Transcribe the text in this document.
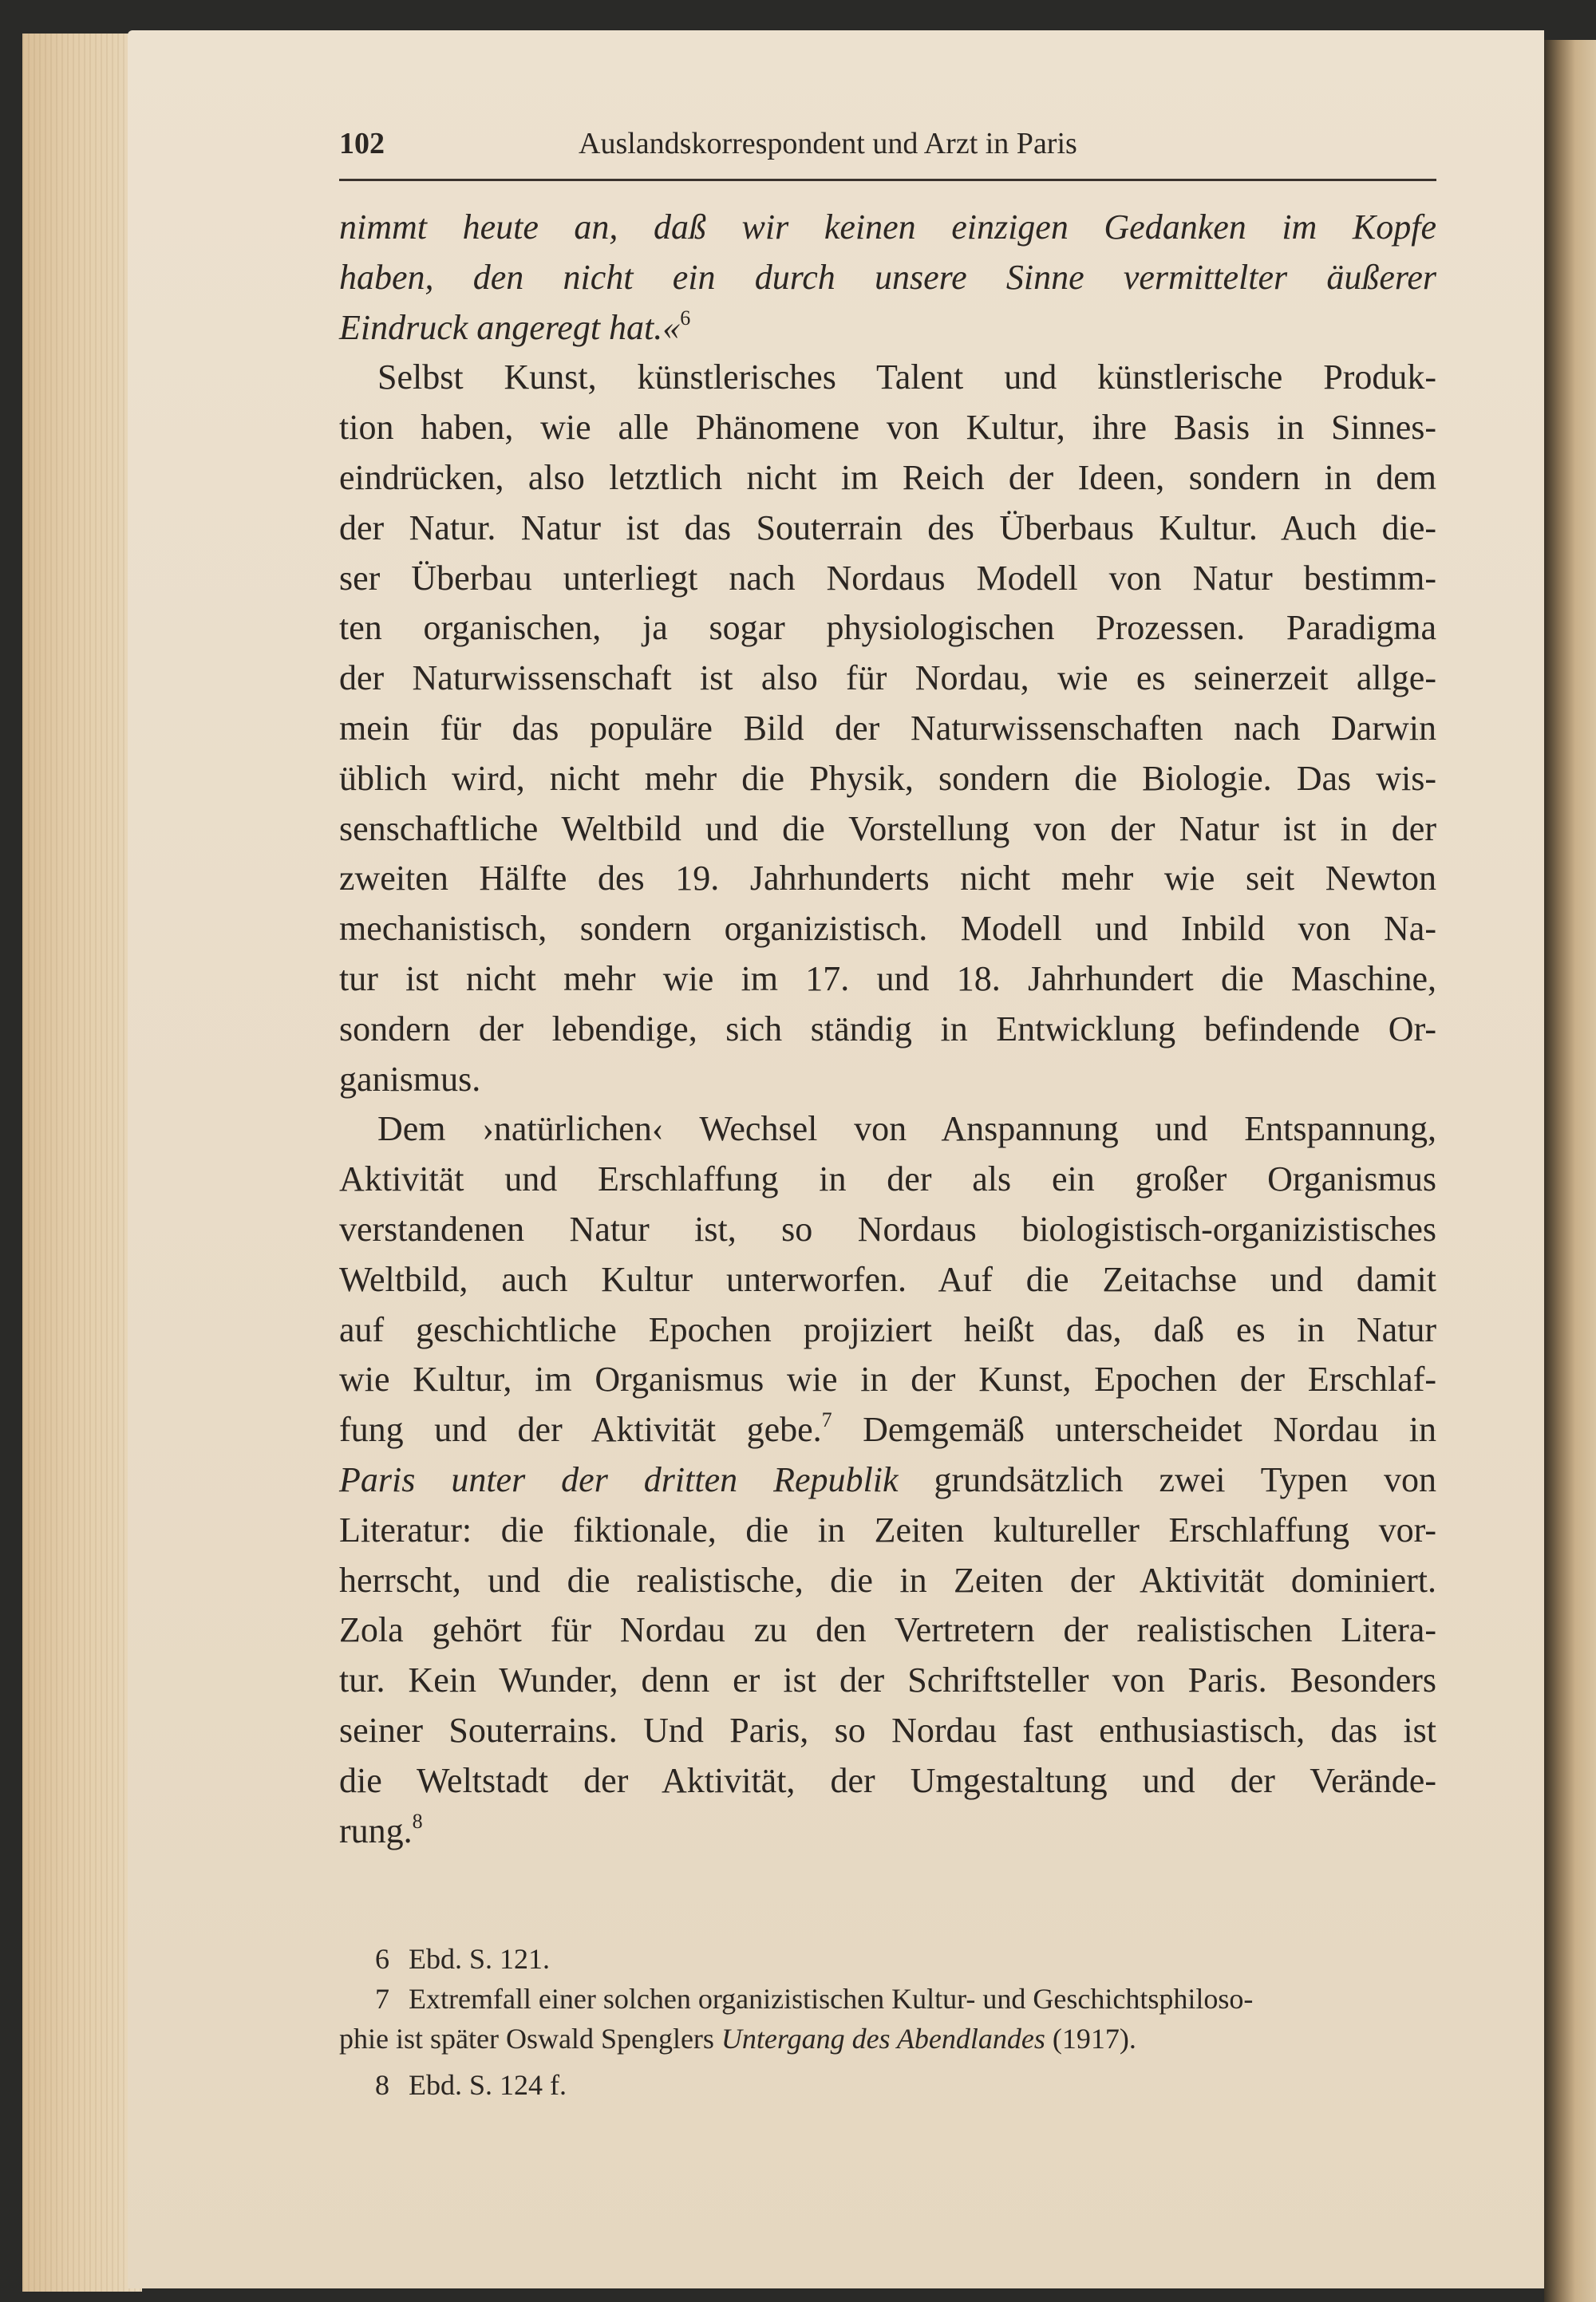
102	Auslandskorrespondent und Arzt in Paris
nimmt heute an, daß wir keinen einzigen Gedanken im Kopfe
haben, den nicht ein durch unsere Sinne vermittelter äußerer
Eindruck angeregt hat.«$^6$
Selbst Kunst, künstlerisches Talent und künstlerische Produk-
tion haben, wie alle Phänomene von Kultur, ihre Basis in Sinnes-
eindrücken, also letztlich nicht im Reich der Ideen, sondern in dem
der Natur. Natur ist das Souterrain des Überbaus Kultur. Auch die-
ser Überbau unterliegt nach Nordaus Modell von Natur bestimm-
ten organischen, ja sogar physiologischen Prozessen. Paradigma
der Naturwissenschaft ist also für Nordau, wie es seinerzeit allge-
mein für das populäre Bild der Naturwissenschaften nach Darwin
üblich wird, nicht mehr die Physik, sondern die Biologie. Das wis-
senschaftliche Weltbild und die Vorstellung von der Natur ist in der
zweiten Hälfte des 19. Jahrhunderts nicht mehr wie seit Newton
mechanistisch, sondern organizistisch. Modell und Inbild von Na-
tur ist nicht mehr wie im 17. und 18. Jahrhundert die Maschine,
sondern der lebendige, sich ständig in Entwicklung befindende Or-
ganismus.
Dem ›natürlichen‹ Wechsel von Anspannung und Entspannung,
Aktivität und Erschlaffung in der als ein großer Organismus
verstandenen Natur ist, so Nordaus biologistisch-organizistisches
Weltbild, auch Kultur unterworfen. Auf die Zeitachse und damit
auf geschichtliche Epochen projiziert heißt das, daß es in Natur
wie Kultur, im Organismus wie in der Kunst, Epochen der Erschlaf-
fung und der Aktivität gebe.$^7$ Demgemäß unterscheidet Nordau in
Paris unter der dritten Republik grundsätzlich zwei Typen von
Literatur: die fiktionale, die in Zeiten kultureller Erschlaffung vor-
herrscht, und die realistische, die in Zeiten der Aktivität dominiert.
Zola gehört für Nordau zu den Vertretern der realistischen Litera-
tur. Kein Wunder, denn er ist der Schriftsteller von Paris. Besonders
seiner Souterrains. Und Paris, so Nordau fast enthusiastisch, das ist
die Weltstadt der Aktivität, der Umgestaltung und der Verände-
rung.$^8$
6 Ebd. S. 121.
7 Extremfall einer solchen organizistischen Kultur- und Geschichtsphiloso-
phie ist später Oswald Spenglers Untergang des Abendlandes (1917).
8 Ebd. S. 124 f.
